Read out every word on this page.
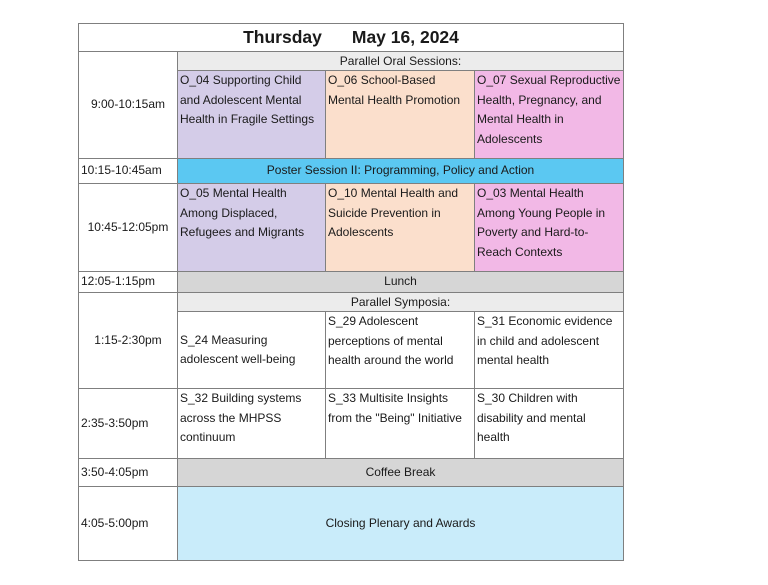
Thursday May 16, 2024			
9:00-10:15am	Parallel Oral Sessions:		
	O_04 Supporting Child and Adolescent Mental Health in Fragile Settings	O_06 School-Based Mental Health Promotion	O_07 Sexual Reproductive Health, Pregnancy, and Mental Health in Adolescents
10:15-10:45am	Poster Session II: Programming, Policy and Action		
10:45-12:05pm	O_05 Mental Health Among Displaced, Refugees and Migrants	O_10 Mental Health and Suicide Prevention in Adolescents	O_03 Mental Health Among Young People in Poverty and Hard-to-Reach Contexts
12:05-1:15pm	Lunch		
1:15-2:30pm	Parallel Symposia:		
	S_24 Measuring adolescent well-being	S_29 Adolescent perceptions of mental health around the world	S_31 Economic evidence in child and adolescent mental health
2:35-3:50pm	S_32 Building systems across the MHPSS continuum	S_33 Multisite Insights from the "Being" Initiative	S_30 Children with disability and mental health
3:50-4:05pm	Coffee Break		
4:05-5:00pm	Closing Plenary and Awards		
